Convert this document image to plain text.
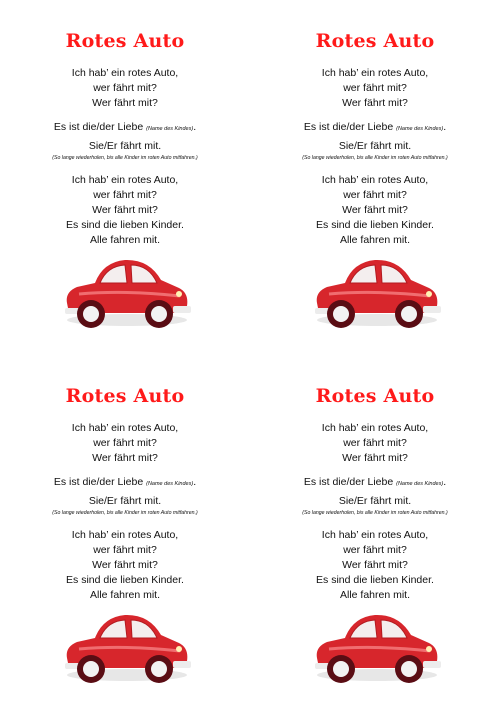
Rotes Auto
Ich hab’ ein rotes Auto,
wer fährt mit?
Wer fährt mit?
Es ist die/der Liebe (Name des Kindes).
Sie/Er fährt mit.
(So lange wiederholen, bis alle Kinder im roten Auto mitfahren.)
Ich hab’ ein rotes Auto,
wer fährt mit?
Wer fährt mit?
Es sind die lieben Kinder.
Alle fahren mit.
Rotes Auto
Ich hab’ ein rotes Auto,
wer fährt mit?
Wer fährt mit?
Es ist die/der Liebe (Name des Kindes).
Sie/Er fährt mit.
(So lange wiederholen, bis alle Kinder im roten Auto mitfahren.)
Ich hab’ ein rotes Auto,
wer fährt mit?
Wer fährt mit?
Es sind die lieben Kinder.
Alle fahren mit.
Rotes Auto
Ich hab’ ein rotes Auto,
wer fährt mit?
Wer fährt mit?
Es ist die/der Liebe (Name des Kindes).
Sie/Er fährt mit.
(So lange wiederholen, bis alle Kinder im roten Auto mitfahren.)
Ich hab’ ein rotes Auto,
wer fährt mit?
Wer fährt mit?
Es sind die lieben Kinder.
Alle fahren mit.
Rotes Auto
Ich hab’ ein rotes Auto,
wer fährt mit?
Wer fährt mit?
Es ist die/der Liebe (Name des Kindes).
Sie/Er fährt mit.
(So lange wiederholen, bis alle Kinder im roten Auto mitfahren.)
Ich hab’ ein rotes Auto,
wer fährt mit?
Wer fährt mit?
Es sind die lieben Kinder.
Alle fahren mit.
